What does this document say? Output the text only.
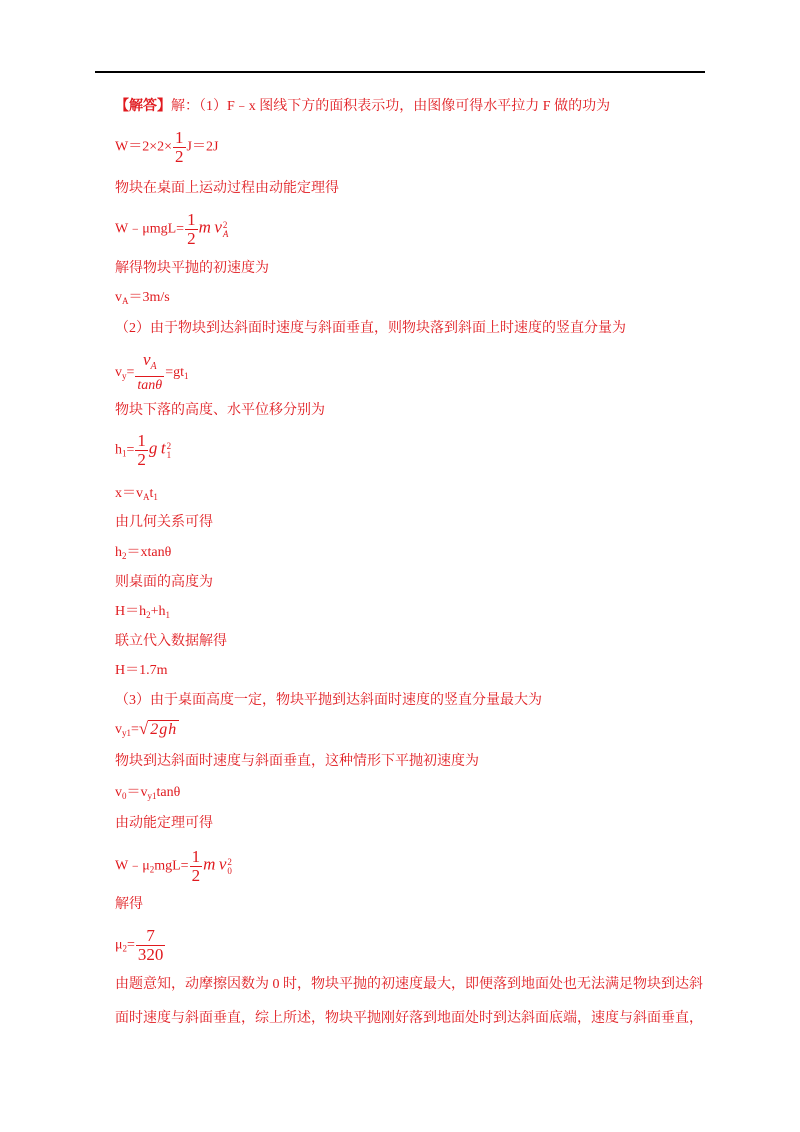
【解答】解：（1）F﹣x 图线下方的面积表示功，由图像可得水平拉力 F 做的功为
$W=2\times 2\times \frac{1}{2} J=2J$
物块在桌面上运动过程由动能定理得
W﹣μmgL= $\frac{1}{2}$ m v 2
A
解得物块平抛的初速度为
$v_A=3m/s$
（2）由于物块到达斜面时速度与斜面垂直，则物块落到斜面上时速度的竖直分量为
$v_y= \frac{v_A}{\tan\theta} =gt_1$
物块下落的高度、水平位移分别为
$h_1= \frac{1}{2}$ g t 2
1
$x=v_At_1$
由几何关系可得
$h_2=xtan\theta$
则桌面的高度为
$H=h_2+h_1$
联立代入数据解得
H＝1.7m
（3）由于桌面高度一定，物块平抛到达斜面时速度的竖直分量最大为
$v_{y1}=√$ 2gh
物块到达斜面时速度与斜面垂直，这种情形下平抛初速度为
$v_0=v_{y1}\tan\theta$
由动能定理可得
$W﹣\mu_2mgL= \frac{1}{2}$ m v 2
0
解得
$\mu_2= \frac{7}{320}$
由题意知，动摩擦因数为 0 时，物块平抛的初速度最大，即便落到地面处也无法满足物块到达斜
面时速度与斜面垂直，综上所述，物块平抛刚好落到地面处时到达斜面底端，速度与斜面垂直，
